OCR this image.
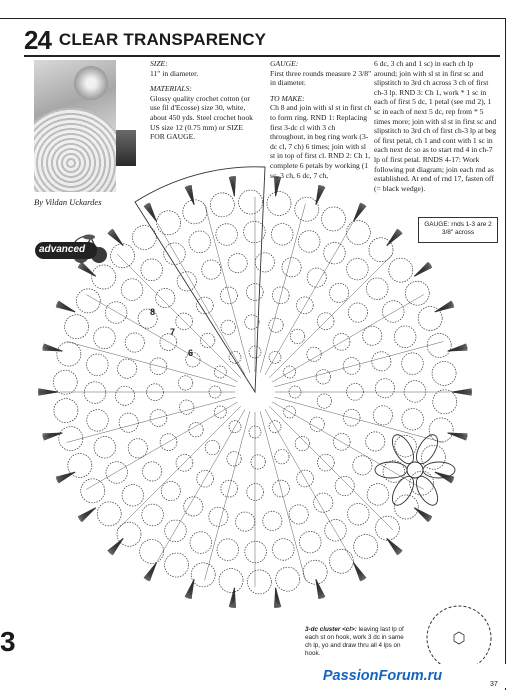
24 CLEAR TRANSPARENCY
By Vildan Uckardes
advanced

SIZE:
11" in diameter.

MATERIALS:
Glossy quality crochet cotton (or use fil d'Ecosse) size 30, white, about 450 yds. Steel crochet hook US size 12 (0.75 mm) or SIZE FOR GAUGE.

GAUGE:
First three rounds measure 2 3/8" in diameter.

TO MAKE:
Ch 8 and join with sl st in first ch to form ring. RND 1: Replacing first 3-dc cl with 3 ch throughout, in beg ring work (3-dc cl, 7 ch) 6 times; join with sl st in top of first cl. RND 2: Ch 1, complete 6 petals by working (1 sc, 3 ch, 6 dc, 7 ch,

6 dc, 3 ch and 1 sc) in each ch lp around; join with sl st in first sc and slipstitch to 3rd ch across 3 ch of first ch-3 lp. RND 3: Ch 1, work * 1 sc in each of first 5 dc, 1 petal (see rnd 2), 1 sc in each of next 5 dc, rep from * 5 times more; join with sl st in first sc and slipstitch to 3rd ch of first ch-3 lp at beg of first petal, ch 1 and cont with 1 sc in each next dc so as to start rnd 4 in ch-7 lp of first petal. RNDS 4-17: Work following put diagram; join each rnd as established. At end of rnd 17, fasten off (= black wedge).

GAUGE: rnds 1-3 are 2 3/8" across
8
7
6
3-dc cluster <cl>: leaving last lp of each st on hook, work 3 dc in same ch lp, yo and draw thru all 4 lps on hook.
3
PassionForum.ru
37
